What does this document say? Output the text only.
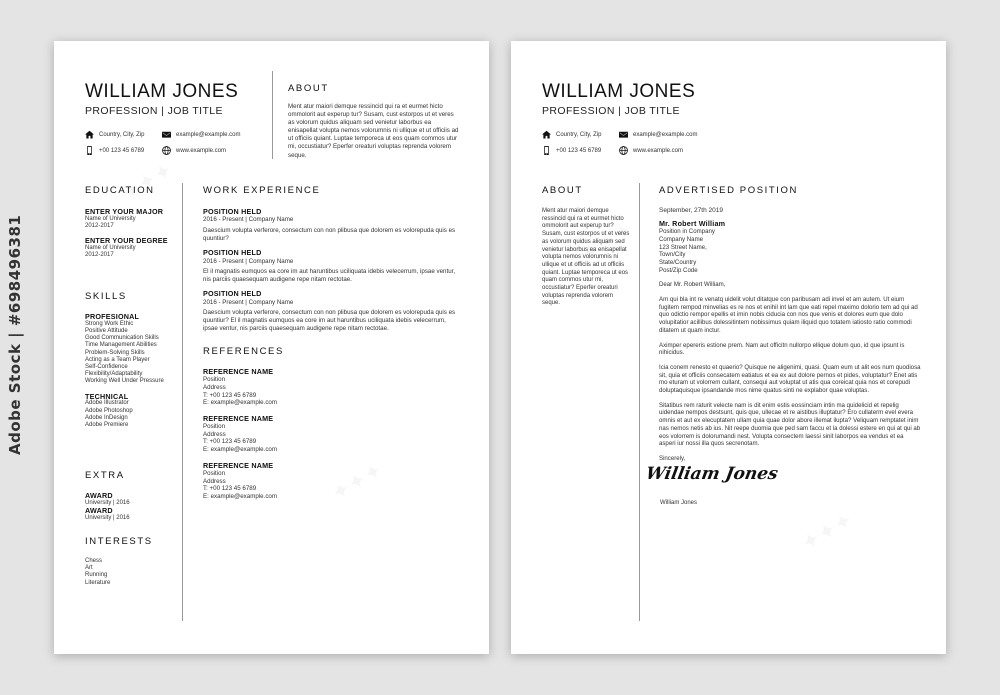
Adobe Stock | #698496381
WILLIAM JONES
PROFESSION | JOB TITLE
Country, City, Zip	example@example.com
+00 123 45 6789	www.example.com
ABOUT
Ment atur maiori demque ressincid qui ra et eurmet hicto ommolorit aut experup tur? Susam, cust estorpos ut et veres as volorum quidus aliquam sed venietur laborbus ea enisapellat volupta nemos volorumnis ni ullique et ut officiis ad ut officiis quiant. Luptae temporeca ut eos quam commos utur mi, occustiatur? Eperfer oreaturi voluptas reprenda volorem seque.
EDUCATION
ENTER YOUR MAJOR
Name of University
2012-2017
ENTER YOUR DEGREE
Name of University
2012-2017
SKILLS
PROFESIONAL
Strong Work Ethic
Positive Attitude
Good Communication Skills
Time Management Abilities
Problem-Solving Skills
Acting as a Team Player
Self-Confidence
Flexibility/Adaptability
Working Well Under Pressure
TECHNICAL
Adobe Illustrator
Adobe Photoshop
Adobe InDesign
Adobe Premiere
EXTRA
AWARD
University | 2016
AWARD
University | 2016
INTERESTS
Chess
Art
Running
Literature
WORK EXPERIENCE
POSITION HELD
2016 - Present | Company Name
Daescium volupta verferore, consectum con non plibusa que dolorem es volorepuda quis es quuntiur?
POSITION HELD
2016 - Present | Company Name
El il magnatis eumquos ea core im aut haruntibus uciliquata idebis velecerrum, ipsae ventur, nis parciis quaesequam audigene repe nitam rectotae.
POSITION HELD
2016 - Present | Company Name
Daescium volupta verferore, consectum con non plibusa que dolorem es volorepuda quis es quuntiur? El il magnatis eumquos ea core im aut haruntibus uciliquata idebis velecerrum, ipsae ventur, nis parciis quaesequam audigene repe nitam rectotae.
REFERENCES
REFERENCE NAME
Position
Address
T: +00 123 45 6789
E: example@example.com
REFERENCE NAME
Position
Address
T: +00 123 45 6789
E: example@example.com
REFERENCE NAME
Position
Address
T: +00 123 45 6789
E: example@example.com
WILLIAM JONES
PROFESSION | JOB TITLE
Country, City, Zip	example@example.com
+00 123 45 6789	www.example.com
ABOUT
Ment atur maiori demque ressincid qui ra et eurmet hicto ommolorit aut experup tur? Susam, cust estorpos ut et veres as volorum quidus aliquam sed venietur laborbus ea enisapellat volupta nemos volorumnis ni ullique et ut officiis ad ut officiis quiant. Luptae temporeca ut eos quam commos utur mi, occustiatur? Eperfer oreaturi voluptas reprenda volorem seque.
ADVERTISED POSITION

September, 27th 2019

Mr. Robert William
Position in Company
Company Name
123 Street Name,
Town/City
State/Country
Post/Zip Code

Dear Mr. Robert William,

Am qui bla int re venatq uidelit volut ditatque con paribusam adi invel et am autem. Ut eium fugitem rempod minvelias es re nos et enihil int lam que eati repel maximo dolorio tem ad qui ad quo odictio rempor epellis et imin nobis ciducia con nos que venis et dolores eum que dolo volupitatior acillibus dolessitintem nobissimus quiam iliquid quo totatem iatiosto ratio commodi ditatem ut quam inctur.

Aximper epereris estione prem. Nam aut officitn nullorpo ellique dolum quo, id que ipsunt is nihicidus.

Icia conem renesto et quaerio? Quisque ne aligenimi, quasi. Quam eum ut alit eos num quodiosa sit, quia et officiis consecatem eatiatus et ea ex aut dolore pernos et pides, voluptatur? Enet atis mo eturam ut volorrem cullant, consequi aut voluptat ut atis qua coreicat quia nos et corepudi doluptaquisque ipsandande mos nime quatus sinti ne explabor quae voluptas.

Sitatibus rem raturit velecte nam is dit enim estis eossinciam intin ma quidelicid et repelig uidendae nempos destsunt, quis que, ullecae et re aistibus illuptatur? Ero cullaterm evel evera omnis et aut ex elecuptatem ullam quia quae dolor abore illemat ilupta? Veliquam remptatet inim nas nemos netis ab ius. Nit reepe duomia que ped sam faccu et la dolessi estere en qui at qui ab eos volorrem is dolorumandi nest. Volupta consectem laessi sinit laborpos ea vendus et ea asperi iur nossi illa quos secrenotam.

Sincerely,

William Jones
William Jones
